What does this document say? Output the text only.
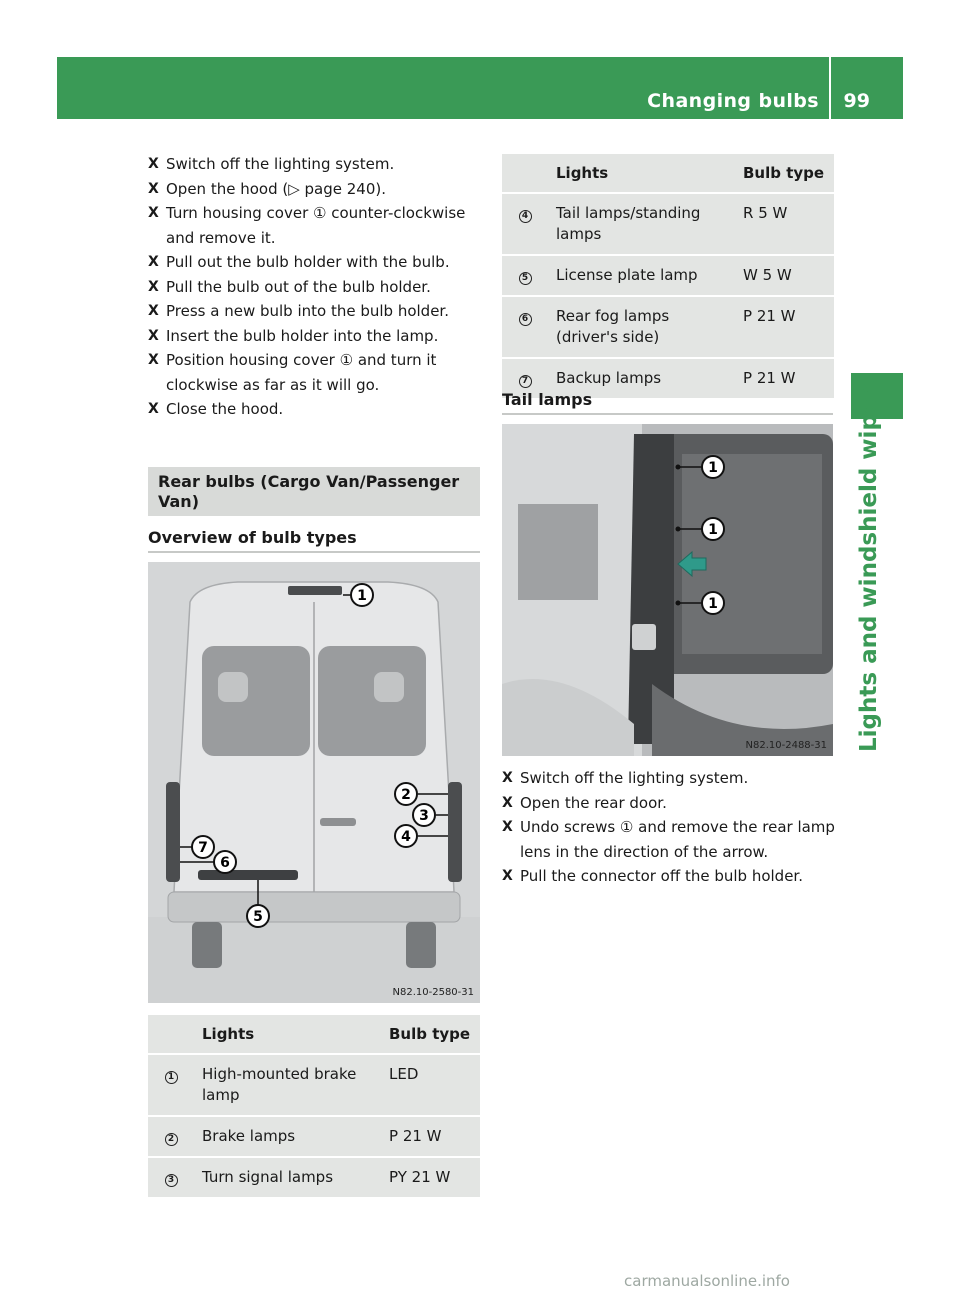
Changing bulbs 99
Lights and windshield wipers
X Switch off the lighting system.
X Open the hood (▷ page 240).
X Turn housing cover ① counter-clockwise and remove it.
X Pull out the bulb holder with the bulb.
X Pull the bulb out of the bulb holder.
X Press a new bulb into the bulb holder.
X Insert the bulb holder into the lamp.
X Position housing cover ① and turn it clockwise as far as it will go.
X Close the hood.
Rear bulbs (Cargo Van/Passenger Van)
Overview of bulb types
1
2
3
4
5
6
7
N82.10-2580-31
	Lights	Bulb type
1	High-mounted brake lamp	LED
2	Brake lamps	P 21 W
3	Turn signal lamps	PY 21 W
	Lights	Bulb type
4	Tail lamps/standing lamps	R 5 W
5	License plate lamp	W 5 W
6	Rear fog lamps (driver's side)	P 21 W
7	Backup lamps	P 21 W
Tail lamps
1
1
1
N82.10-2488-31
X Switch off the lighting system.
X Open the rear door.
X Undo screws ① and remove the rear lamp lens in the direction of the arrow.
X Pull the connector off the bulb holder.
carmanualsonline.info
